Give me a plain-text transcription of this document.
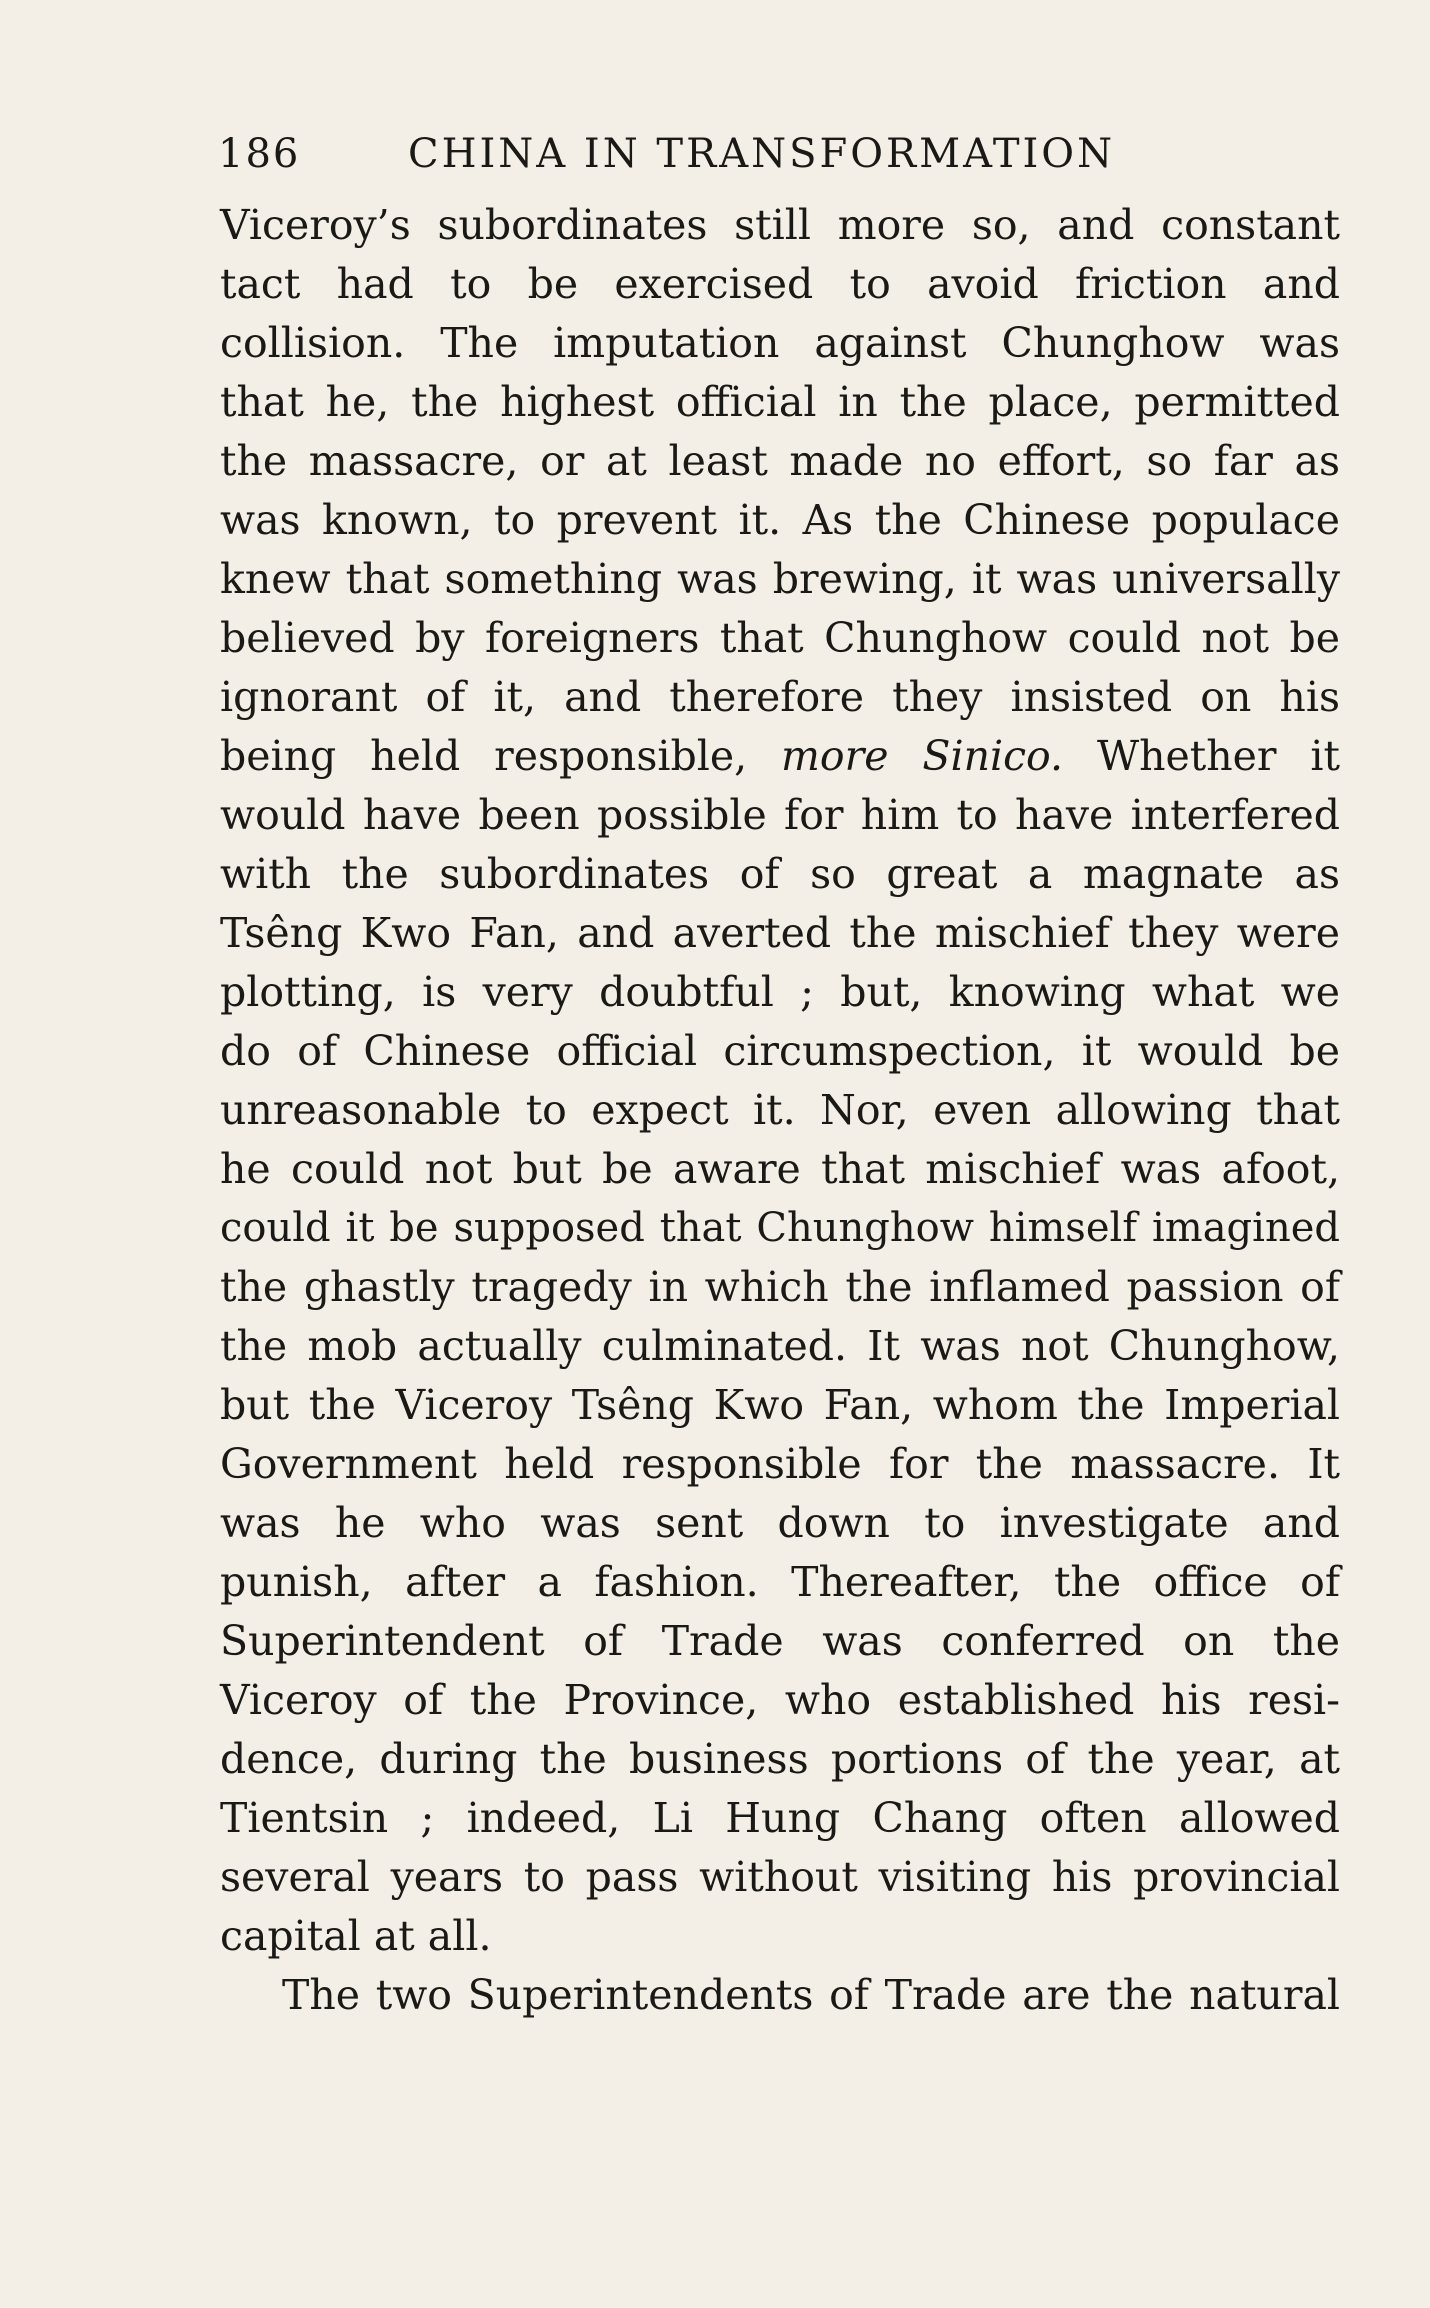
186	CHINA IN TRANSFORMATION
Viceroy’s subordinates still more so, and constant
tact had to be exercised to avoid friction and
collision. The imputation against Chunghow was
that he, the highest official in the place, permitted
the massacre, or at least made no effort, so far as
was known, to prevent it. As the Chinese populace
knew that something was brewing, it was universally
believed by foreigners that Chunghow could not be
ignorant of it, and therefore they insisted on his
being held responsible, more Sinico. Whether it
would have been possible for him to have interfered
with the subordinates of so great a magnate as
Tsêng Kwo Fan, and averted the mischief they were
plotting, is very doubtful ; but, knowing what we
do of Chinese official circumspection, it would be
unreasonable to expect it. Nor, even allowing that
he could not but be aware that mischief was afoot,
could it be supposed that Chunghow himself imagined
the ghastly tragedy in which the inflamed passion of
the mob actually culminated. It was not Chunghow,
but the Viceroy Tsêng Kwo Fan, whom the Imperial
Government held responsible for the massacre. It
was he who was sent down to investigate and
punish, after a fashion. Thereafter, the office of
Superintendent of Trade was conferred on the
Viceroy of the Province, who established his resi-
dence, during the business portions of the year, at
Tientsin ; indeed, Li Hung Chang often allowed
several years to pass without visiting his provincial
capital at all.
The two Superintendents of Trade are the natural
